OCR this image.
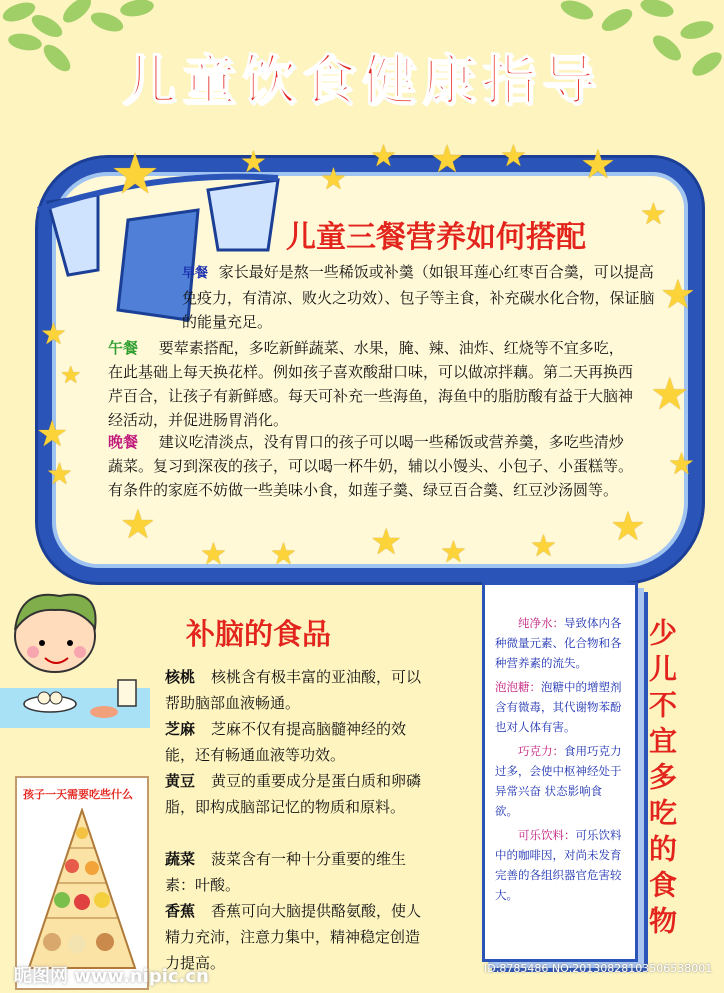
儿童饮食健康指导
★	★ ★
★ ★ ★ ★
★
★
★
★
★
★
★
★
★
★
★
★
★
★
★
儿童三餐营养如何搭配
早餐 家长最好是熬一些稀饭或补羹（如银耳莲心红枣百合羹，可以提高免疫力，有清凉、败火之功效）、包子等主食，补充碳水化合物，保证脑的能量充足。
午餐 要荤素搭配，多吃新鲜蔬菜、水果，腌、辣、油炸、红烧等不宜多吃，在此基础上每天换花样。例如孩子喜欢酸甜口味，可以做凉拌藕。第二天再换西芹百合，让孩子有新鲜感。每天可补充一些海鱼，海鱼中的脂肪酸有益于大脑神经活动，并促进肠胃消化。
晚餐 建议吃清淡点，没有胃口的孩子可以喝一些稀饭或营养羹，多吃些清炒蔬菜。复习到深夜的孩子，可以喝一杯牛奶，辅以小馒头、小包子、小蛋糕等。有条件的家庭不妨做一些美味小食，如莲子羹、绿豆百合羹、红豆沙汤圆等。
补脑的食品
核桃 核桃含有极丰富的亚油酸，可以帮助脑部血液畅通。
芝麻 芝麻不仅有提高脑髓神经的效能，还有畅通血液等功效。
黄豆 黄豆的重要成分是蛋白质和卵磷脂，即构成脑部记忆的物质和原料。
蔬菜 菠菜含有一种十分重要的维生素：叶酸。
香蕉 香蕉可向大脑提供酪氨酸，使人精力充沛，注意力集中，精神稳定创造力提高。
孩子一天需要吃些什么
纯净水：导致体内各种微量元素、化合物和各种营养素的流失。
泡泡糖：泡糖中的增塑剂含有微毒，其代谢物苯酚也对人体有害。
巧克力：食用巧克力过多，会使中枢神经处于异常兴奋 状态影响食欲。
可乐饮料：可乐饮料中的咖啡因，对尚未发育完善的各组织器官危害较大。	少儿不宜多吃的食物
昵图网 www.nipic.cn	ID:8785486 NO:20130828103506538001
